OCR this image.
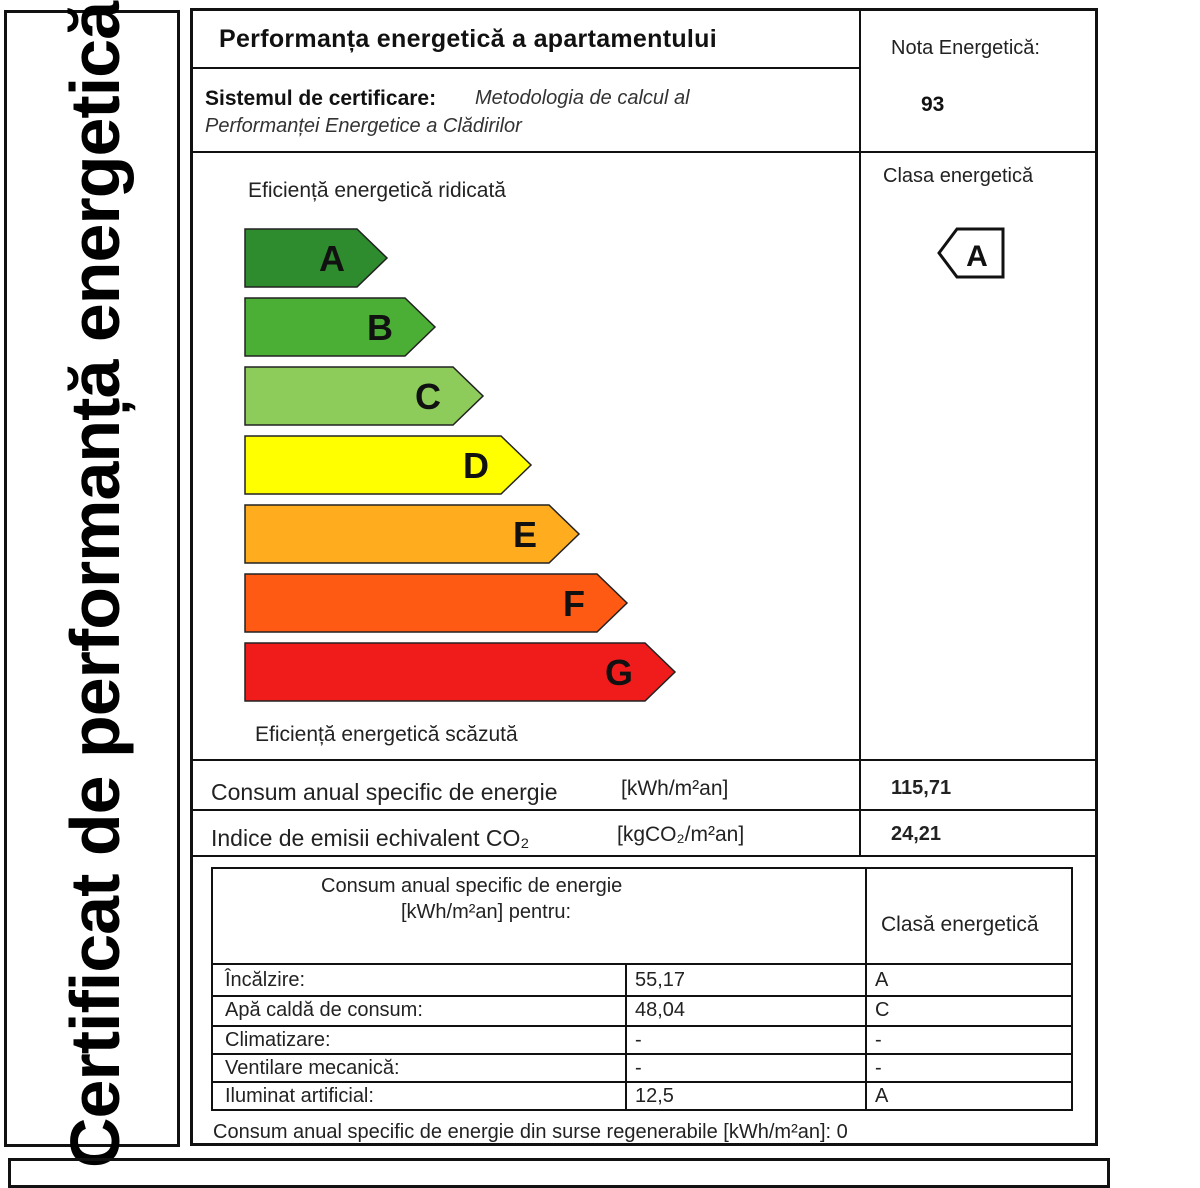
Certificat de performanță energetică	Performanța energetică a apartamentului
Sistemul de certificare: Metodologia de calcul al
Performanței Energetice a Clădirilor
Nota Energetică:
93
Clasa energetică
A
Eficiență energetică ridicată
A
B
C
D
E
F
G
Eficiență energetică scăzută
Consum anual specific de energie	[kWh/m²an]	115,71
Indice de emisii echivalent CO₂	[kgCO₂/m²an]	24,21
Consum anual specific de energie
[kWh/m²an] pentru:
Clasă energetică
Încălzire:	55,17	A
Apă caldă de consum:	48,04	C
Climatizare:	-	-
Ventilare mecanică:	-	-
Iluminat artificial:	12,5	A
Consum anual specific de energie din surse regenerabile [kWh/m²an]: 0
